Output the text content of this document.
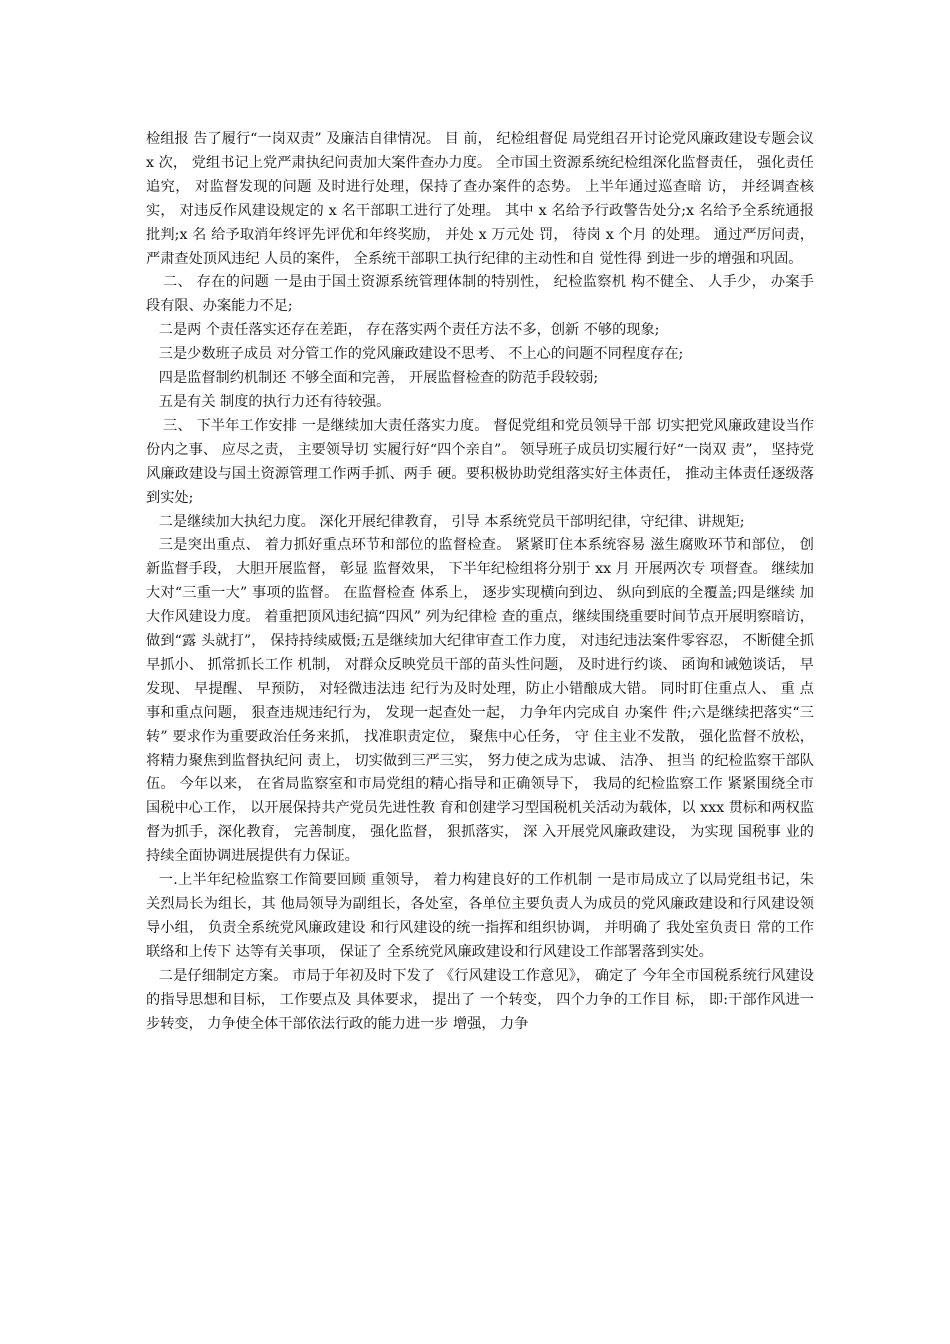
检组报 告了履行“一岗双责” 及廉洁自律情况。 目 前， 纪检组督促 局党组召开讨论党风廉政建设专题会议 x 次， 党组书记上党严肃执纪问责加大案件查办力度。 全市国土资源系统纪检组深化监督责任， 强化责任追究， 对监督发现的问题 及时进行处理，保持了查办案件的态势。 上半年通过巡查暗 访， 并经调查核实， 对违反作风建设规定的 x 名干部职工进行了处理。 其中 x 名给予行政警告处分;x 名给予全系统通报 批判;x 名 给予取消年终评先评优和年终奖励， 并处 x 万元处 罚， 待岗 x 个月 的处理。 通过严厉问责， 严肃查处顶风违纪 人员的案件， 全系统干部职工执行纪律的主动性和自 觉性得 到进一步的增强和巩固。

二、 存在的问题 一是由于国土资源系统管理体制的特别性， 纪检监察机 构不健全、 人手少， 办案手段有限、办案能力不足;

二是两 个责任落实还存在差距， 存在落实两个责任方法不多，创新 不够的现象;

三是少数班子成员 对分管工作的党风廉政建设不思考、 不上心的问题不同程度存在;

四是监督制约机制还 不够全面和完善， 开展监督检查的防范手段较弱;

五是有关 制度的执行力还有待较强。

三、 下半年工作安排 一是继续加大责任落实力度。 督促党组和党员领导干部 切实把党风廉政建设当作份内之事、 应尽之责， 主要领导切 实履行好“四个亲自”。 领导班子成员切实履行好“一岗双 责”， 坚持党风廉政建设与国土资源管理工作两手抓、两手 硬。要积极协助党组落实好主体责任， 推动主体责任逐级落 到实处;

二是继续加大执纪力度。 深化开展纪律教育， 引导 本系统党员干部明纪律，守纪律、讲规矩;

三是突出重点、 着力抓好重点环节和部位的监督检查。 紧紧盯住本系统容易 滋生腐败环节和部位， 创新监督手段， 大胆开展监督， 彰显 监督效果， 下半年纪检组将分别于 xx 月 开展两次专 项督查。 继续加大对“三重一大” 事项的监督。 在监督检查 体系上， 逐步实现横向到边、 纵向到底的全覆盖;四是继续 加大作风建设力度。 着重把顶风违纪搞“四风” 列为纪律检 查的重点，继续围绕重要时间节点开展明察暗访，做到“露 头就打”， 保持持续威慑;五是继续加大纪律审查工作力度， 对违纪违法案件零容忍， 不断健全抓早抓小、 抓常抓长工作 机制， 对群众反映党员干部的苗头性问题， 及时进行约谈、 函询和诫勉谈话， 早发现、 早提醒、 早预防， 对轻微违法违 纪行为及时处理，防止小错酿成大错。 同时盯住重点人、 重 点事和重点问题， 狠查违规违纪行为， 发现一起查处一起， 力争年内完成自 办案件 件;六是继续把落实“三转” 要求作为重要政治任务来抓， 找准职责定位， 聚焦中心任务， 守 住主业不发散， 强化监督不放松， 将精力聚焦到监督执纪问 责上， 切实做到三严三实， 努力使之成为忠诚、 洁净、 担当 的纪检监察干部队伍。 今年以来， 在省局监察室和市局党组的精心指导和正确领导下， 我局的纪检监察工作 紧紧围绕全市国税中心工作， 以开展保持共产党员先进性教 育和创建学习型国税机关活动为载体，以 xxx 贯标和两权监 督为抓手，深化教育， 完善制度， 强化监督， 狠抓落实， 深 入开展党风廉政建设， 为实现 国税事 业的持续全面协调进展提供有力保证。

一.上半年纪检监察工作简要回顾 重领导， 着力构建良好的工作机制 一是市局成立了以局党组书记，朱关烈局长为组长，其 他局领导为副组长，各处室，各单位主要负责人为成员的党风廉政建设和行风建设领导小组， 负责全系统党风廉政建设 和行风建设的统一指挥和组织协调， 并明确了 我处室负责日 常的工作联络和上传下 达等有关事项， 保证了 全系统党风廉政建设和行风建设工作部署落到实处。

二是仔细制定方案。 市局于年初及时下发了 《行风建设工作意见》， 确定了 今年全市国税系统行风建设的指导思想和目标， 工作要点及 具体要求， 提出了 一个转变， 四个力争的工作目 标， 即:干部作风进一步转变， 力争使全体干部依法行政的能力进一步 增强， 力争
